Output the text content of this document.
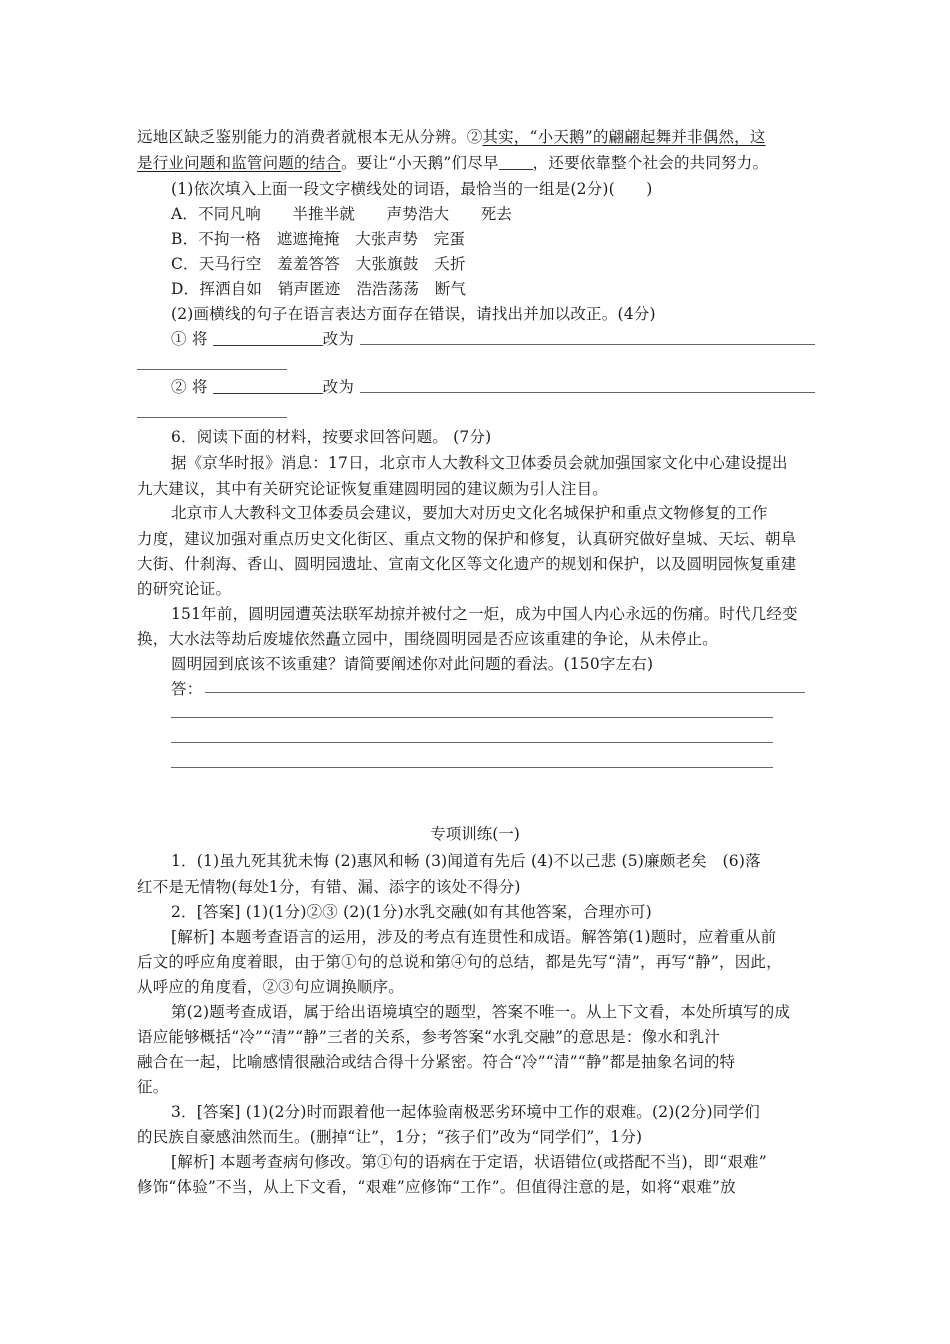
远地区缺乏鉴别能力的消费者就根本无从分辨。②其实，“小天鹅”的翩翩起舞并非偶然，这
是行业问题和监管问题的结合。要让“小天鹅”们尽早 ，还要依靠整个社会的共同努力。
(1)依次填入上面一段文字横线处的词语，最恰当的一组是(2分)(　　)
A．不同凡响　　半推半就　　声势浩大　　死去
B．不拘一格　遮遮掩掩　大张声势　完蛋
C．天马行空　羞羞答答　大张旗鼓　夭折
D．挥洒自如　销声匿迹　浩浩荡荡　断气
(2)画横线的句子在语言表达方面存在错误，请找出并加以改正。(4分)
① 将	改为
② 将	改为
6．阅读下面的材料，按要求回答问题。 (7分)
据《京华时报》消息：17日，北京市人大教科文卫体委员会就加强国家文化中心建设提出
九大建议，其中有关研究论证恢复重建圆明园的建议颇为引人注目。
北京市人大教科文卫体委员会建议，要加大对历史文化名城保护和重点文物修复的工作
力度，建议加强对重点历史文化街区、重点文物的保护和修复，认真研究做好皇城、天坛、朝阜
大街、什刹海、香山、圆明园遗址、宣南文化区等文化遗产的规划和保护，以及圆明园恢复重建
的研究论证。
151年前，圆明园遭英法联军劫掠并被付之一炬，成为中国人内心永远的伤痛。时代几经变
换，大水法等劫后废墟依然矗立园中，围绕圆明园是否应该重建的争论，从未停止。
圆明园到底该不该重建？请简要阐述你对此问题的看法。(150字左右)
答：
专项训练(一)
1．(1)虽九死其犹未悔 (2)惠风和畅 (3)闻道有先后 (4)不以己悲 (5)廉颇老矣　(6)落
红不是无情物(每处1分，有错、漏、添字的该处不得分)
2．[答案] (1)(1分)②③ (2)(1分)水乳交融(如有其他答案，合理亦可)
[解析] 本题考查语言的运用，涉及的考点有连贯性和成语。解答第(1)题时，应着重从前
后文的呼应角度着眼，由于第①句的总说和第④句的总结，都是先写“清”，再写“静”，因此，
从呼应的角度看，②③句应调换顺序。
第(2)题考查成语，属于给出语境填空的题型，答案不唯一。从上下文看，本处所填写的成
语应能够概括“冷”“清”“静”三者的关系，参考答案“水乳交融”的意思是：像水和乳汁
融合在一起，比喻感情很融洽或结合得十分紧密。符合“冷”“清”“静”都是抽象名词的特
征。
3．[答案] (1)(2分)时而跟着他一起体验南极恶劣环境中工作的艰难。(2)(2分)同学们
的民族自豪感油然而生。(删掉“让”，1分；“孩子们”改为“同学们”，1分)
[解析] 本题考查病句修改。第①句的语病在于定语，状语错位(或搭配不当)，即“艰难”
修饰“体验”不当，从上下文看，“艰难”应修饰“工作”。但值得注意的是，如将“艰难”放
